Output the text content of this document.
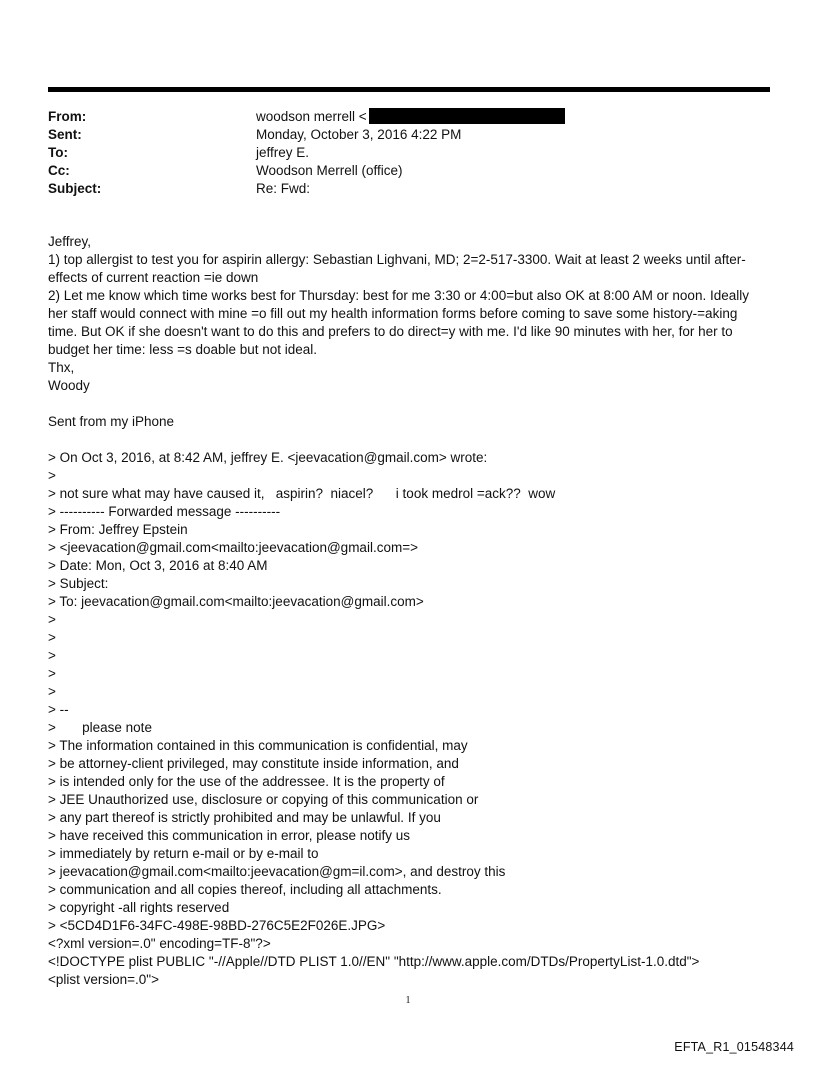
From:	woodson merrell <
Sent:	Monday, October 3, 2016 4:22 PM
To:	jeffrey E.
Cc:	Woodson Merrell (office)
Subject:	Re: Fwd:
Jeffrey,
1) top allergist to test you for aspirin allergy: Sebastian Lighvani, MD; 2=2-517-3300. Wait at least 2 weeks until after-
effects of current reaction =ie down
2) Let me know which time works best for Thursday: best for me 3:30 or 4:00=but also OK at 8:00 AM or noon. Ideally
her staff would connect with mine =o fill out my health information forms before coming to save some history-=aking
time. But OK if she doesn't want to do this and prefers to do direct=y with me. I'd like 90 minutes with her, for her to
budget her time: less =s doable but not ideal.
Thx,
Woody
Sent from my iPhone
> On Oct 3, 2016, at 8:42 AM, jeffrey E. <jeevacation@gmail.com> wrote:
>
> not sure what may have caused it,   aspirin?  niacel?      i took medrol =ack??  wow
> ---------- Forwarded message ----------
> From: Jeffrey Epstein
> <jeevacation@gmail.com<mailto:jeevacation@gmail.com=>
> Date: Mon, Oct 3, 2016 at 8:40 AM
> Subject:
> To: jeevacation@gmail.com<mailto:jeevacation@gmail.com>
>
>
>
>
>
> --
>       please note
> The information contained in this communication is confidential, may
> be attorney-client privileged, may constitute inside information, and
> is intended only for the use of the addressee. It is the property of
> JEE Unauthorized use, disclosure or copying of this communication or
> any part thereof is strictly prohibited and may be unlawful. If you
> have received this communication in error, please notify us
> immediately by return e-mail or by e-mail to
> jeevacation@gmail.com<mailto:jeevacation@gm=il.com>, and destroy this
> communication and all copies thereof, including all attachments.
> copyright -all rights reserved
> <5CD4D1F6-34FC-498E-98BD-276C5E2F026E.JPG>
<?xml version=.0" encoding=TF-8"?>
<!DOCTYPE plist PUBLIC "-//Apple//DTD PLIST 1.0//EN" "http://www.apple.com/DTDs/PropertyList-1.0.dtd">
<plist version=.0">
1
EFTA_R1_01548344
